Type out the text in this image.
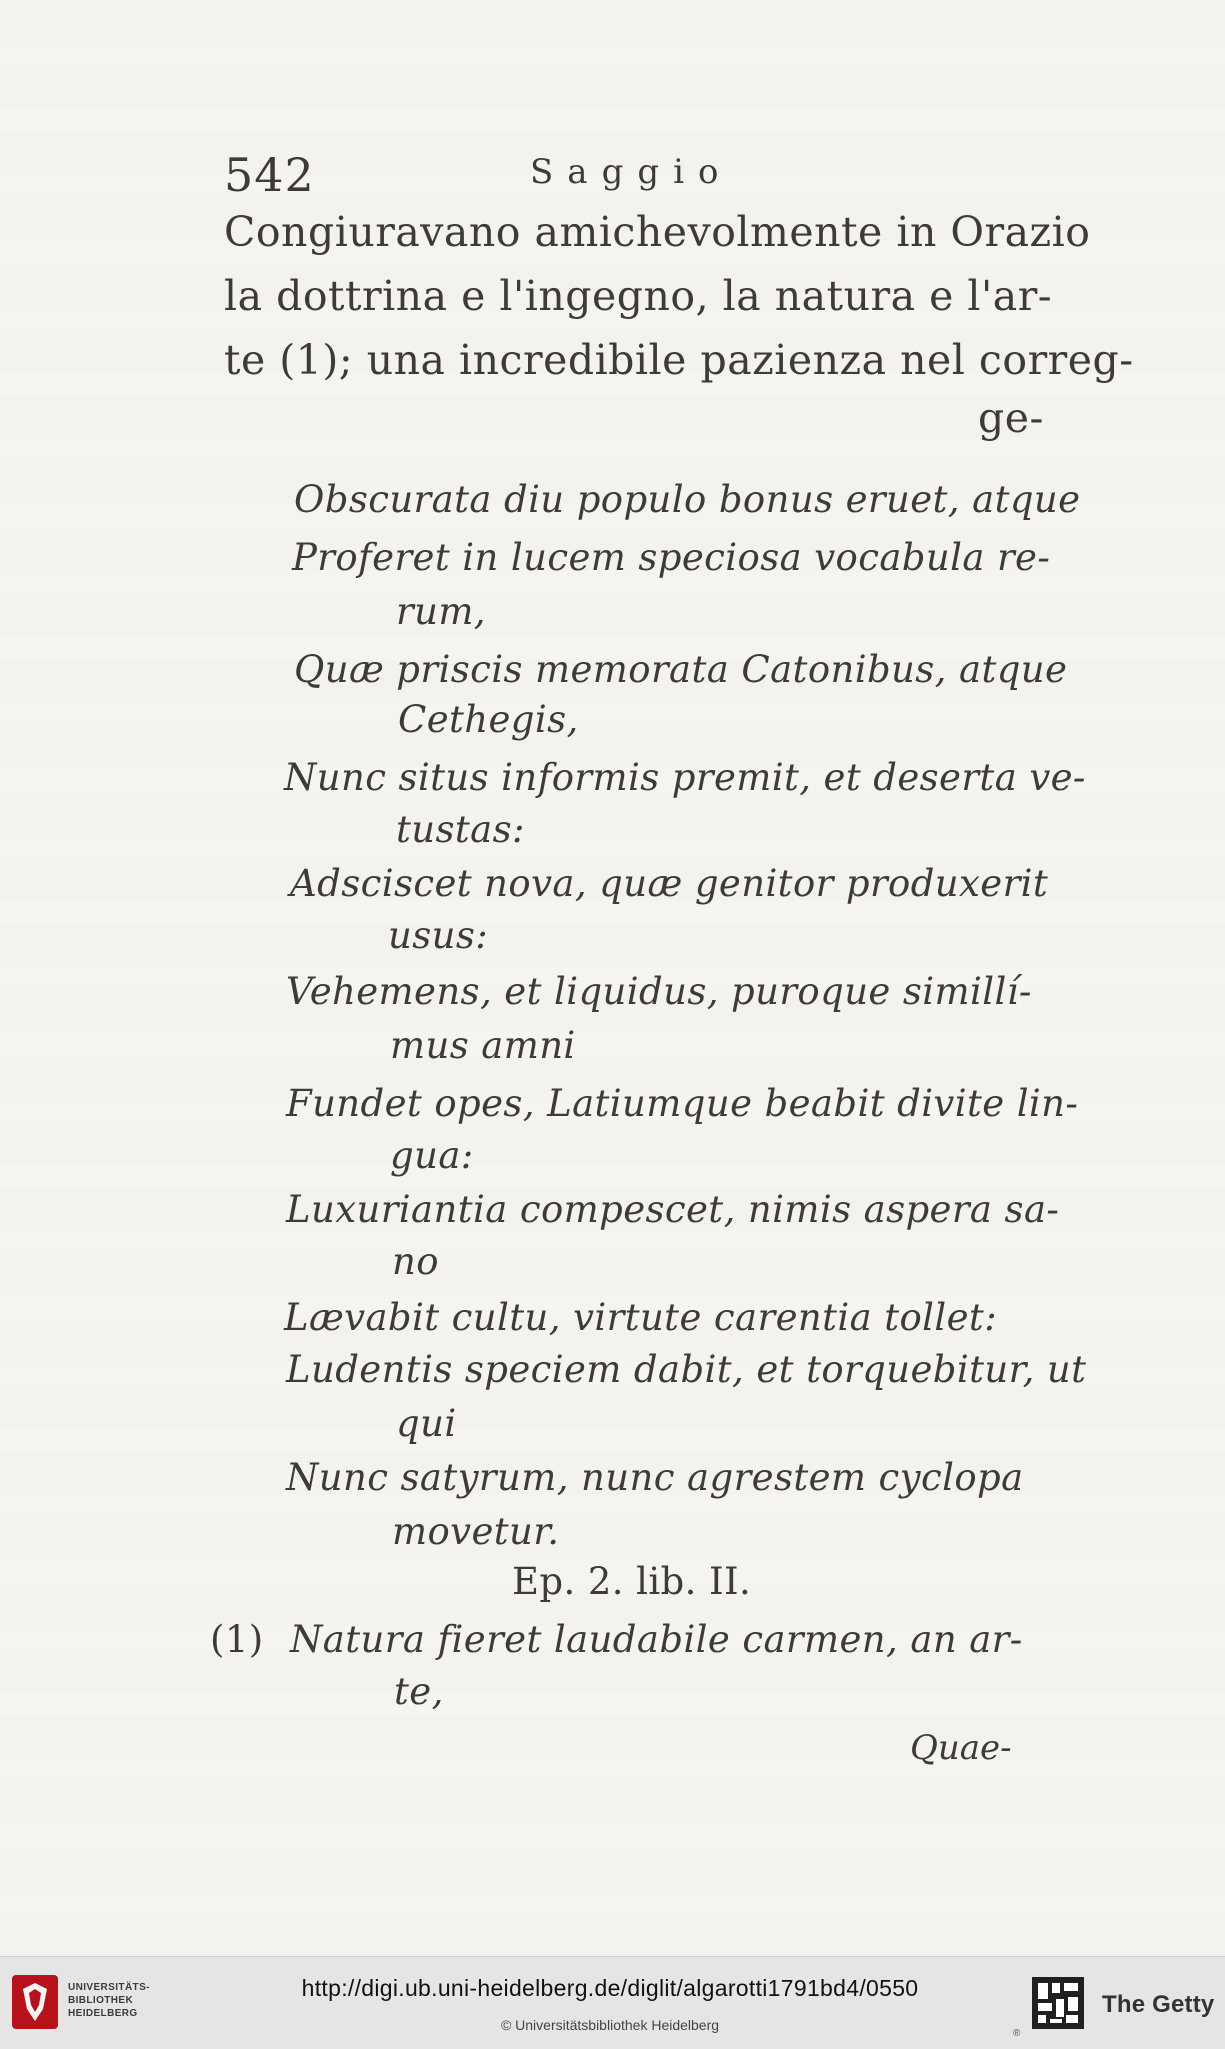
542	Saggio
Congiuravano amichevolmente in Orazio
la dottrina e l'ingegno, la natura e l'ar-
te (1); una incredibile pazienza nel correg-
ge-
Obscurata diu populo bonus eruet, atque
Proferet in lucem speciosa vocabula re-
rum,
Quæ priscis memorata Catonibus, atque
Cethegis,
Nunc situs informis premit, et deserta ve-
tustas:
Adsciscet nova, quæ genitor produxerit
usus:
Vehemens, et liquidus, puroque simillí-
mus amni
Fundet opes, Latiumque beabit divite lin-
gua:
Luxuriantia compescet, nimis aspera sa-
no
Lævabit cultu, virtute carentia tollet:
Ludentis speciem dabit, et torquebitur, ut
qui
Nunc satyrum, nunc agrestem cyclopa
movetur.
Ep. 2. lib. II.
(1) Natura fieret laudabile carmen, an ar-
te,
Quae-
UNIVERSITÄTS-
BIBLIOTHEK
HEIDELBERG
http://digi.ub.uni-heidelberg.de/diglit/algarotti1791bd4/0550
© Universitätsbibliothek Heidelberg
The Getty
®
